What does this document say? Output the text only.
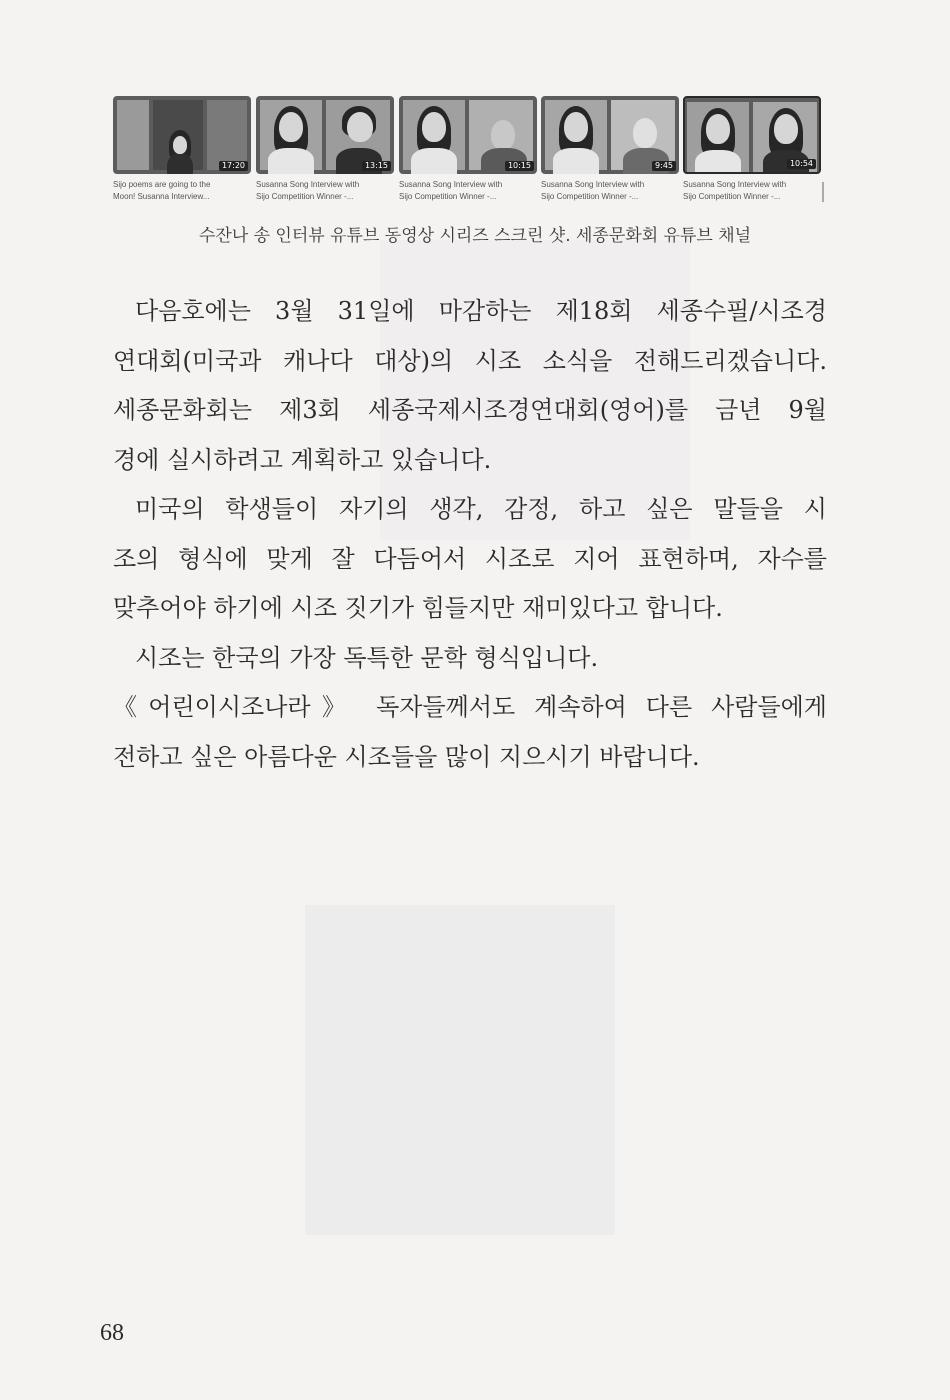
17:20
Sijo poems are going to the
Moon! Susanna Interview...
13:15
Susanna Song Interview with
Sijo Competition Winner -...
10:15
Susanna Song Interview with
Sijo Competition Winner -...
9:45
Susanna Song Interview with
Sijo Competition Winner -...
10:54
Susanna Song Interview with
Sijo Competition Winner -...
수잔나 송 인터뷰 유튜브 동영상 시리즈 스크린 샷. 세종문화회 유튜브 채널
다음호에는 3월 31일에 마감하는 제18회 세종수필/시조경
연대회(미국과 캐나다 대상)의 시조 소식을 전해드리겠습니다.
세종문화회는 제3회 세종국제시조경연대회(영어)를 금년 9월
경에 실시하려고 계획하고 있습니다.
미국의 학생들이 자기의 생각, 감정, 하고 싶은 말들을 시
조의 형식에 맞게 잘 다듬어서 시조로 지어 표현하며, 자수를
맞추어야 하기에 시조 짓기가 힘들지만 재미있다고 합니다.
시조는 한국의 가장 독특한 문학 형식입니다.
《어린이시조나라》 독자들께서도 계속하여 다른 사람들에게
전하고 싶은 아름다운 시조들을 많이 지으시기 바랍니다.
68
